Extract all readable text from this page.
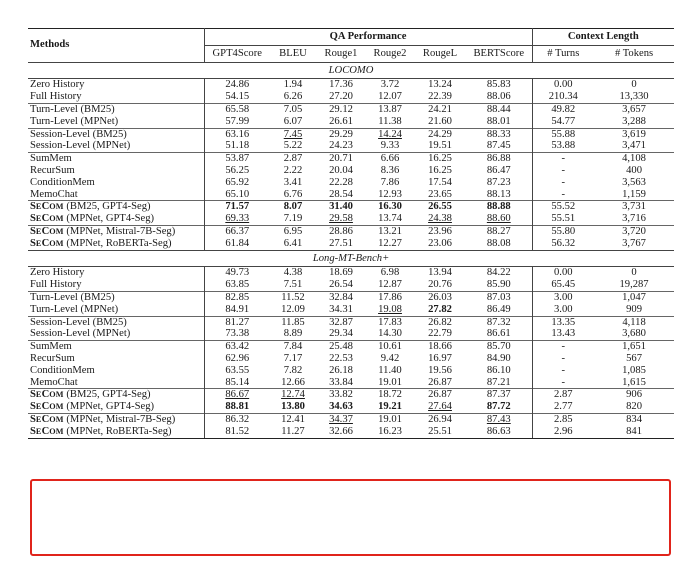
Methods	QA Performance						Context Length	
	GPT4Score	BLEU	Rouge1	Rouge2	RougeL	BERTScore	# Turns	# Tokens
LOCOMO								
Zero History	24.86	1.94	17.36	3.72	13.24	85.83	0.00	0
Full History	54.15	6.26	27.20	12.07	22.39	88.06	210.34	13,330
Turn-Level (BM25)	65.58	7.05	29.12	13.87	24.21	88.44	49.82	3,657
Turn-Level (MPNet)	57.99	6.07	26.61	11.38	21.60	88.01	54.77	3,288
Session-Level (BM25)	63.16	7.45	29.29	14.24	24.29	88.33	55.88	3,619
Session-Level (MPNet)	51.18	5.22	24.23	9.33	19.51	87.45	53.88	3,471
SumMem	53.87	2.87	20.71	6.66	16.25	86.88	-	4,108
RecurSum	56.25	2.22	20.04	8.36	16.25	86.47	-	400
ConditionMem	65.92	3.41	22.28	7.86	17.54	87.23	-	3,563
MemoChat	65.10	6.76	28.54	12.93	23.65	88.13	-	1,159
SECOM (BM25, GPT4-Seg)	71.57	8.07	31.40	16.30	26.55	88.88	55.52	3,731
SECOM (MPNet, GPT4-Seg)	69.33	7.19	29.58	13.74	24.38	88.60	55.51	3,716
SECOM (MPNet, Mistral-7B-Seg)	66.37	6.95	28.86	13.21	23.96	88.27	55.80	3,720
SECOM (MPNet, RoBERTa-Seg)	61.84	6.41	27.51	12.27	23.06	88.08	56.32	3,767
Long-MT-Bench+								
Zero History	49.73	4.38	18.69	6.98	13.94	84.22	0.00	0
Full History	63.85	7.51	26.54	12.87	20.76	85.90	65.45	19,287
Turn-Level (BM25)	82.85	11.52	32.84	17.86	26.03	87.03	3.00	1,047
Turn-Level (MPNet)	84.91	12.09	34.31	19.08	27.82	86.49	3.00	909
Session-Level (BM25)	81.27	11.85	32.87	17.83	26.82	87.32	13.35	4,118
Session-Level (MPNet)	73.38	8.89	29.34	14.30	22.79	86.61	13.43	3,680
SumMem	63.42	7.84	25.48	10.61	18.66	85.70	-	1,651
RecurSum	62.96	7.17	22.53	9.42	16.97	84.90	-	567
ConditionMem	63.55	7.82	26.18	11.40	19.56	86.10	-	1,085
MemoChat	85.14	12.66	33.84	19.01	26.87	87.21	-	1,615
SECOM (BM25, GPT4-Seg)	86.67	12.74	33.82	18.72	26.87	87.37	2.87	906
SECOM (MPNet, GPT4-Seg)	88.81	13.80	34.63	19.21	27.64	87.72	2.77	820
SECOM (MPNet, Mistral-7B-Seg)	86.32	12.41	34.37	19.01	26.94	87.43	2.85	834
SECOM (MPNet, RoBERTa-Seg)	81.52	11.27	32.66	16.23	25.51	86.63	2.96	841
